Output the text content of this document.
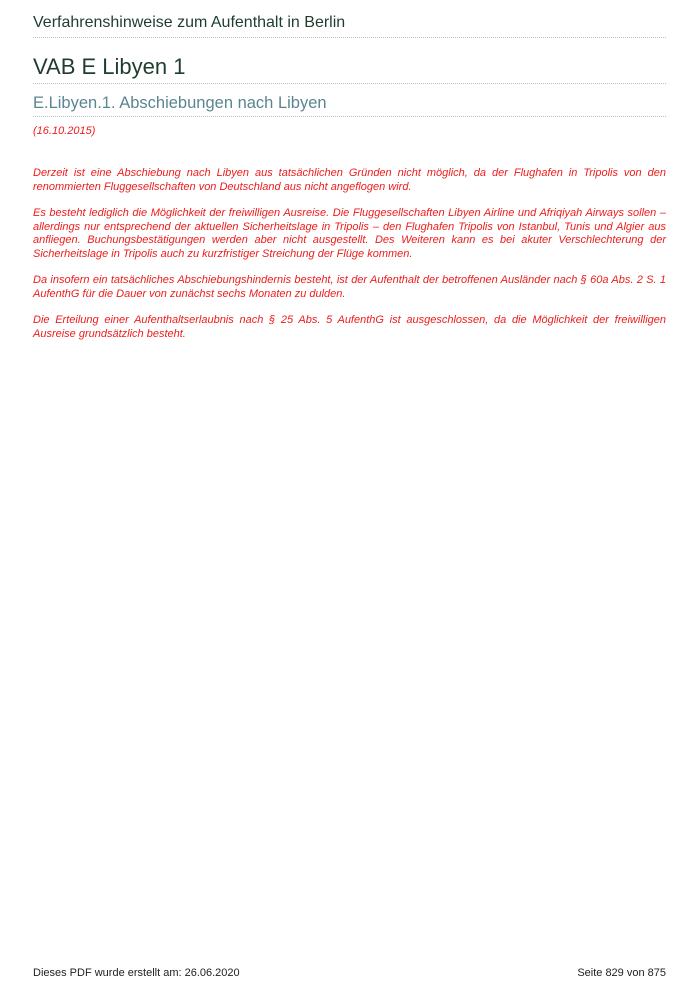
Verfahrenshinweise zum Aufenthalt in Berlin
VAB E Libyen 1
E.Libyen.1. Abschiebungen nach Libyen
(16.10.2015)

Derzeit ist eine Abschiebung nach Libyen aus tatsächlichen Gründen nicht möglich, da der Flughafen in Tripolis von den renommierten Fluggesellschaften von Deutschland aus nicht angeflogen wird.

Es besteht lediglich die Möglichkeit der freiwilligen Ausreise. Die Fluggesellschaften Libyen Airline und Afriqiyah Airways sollen – allerdings nur entsprechend der aktuellen Sicherheitslage in Tripolis – den Flughafen Tripolis von Istanbul, Tunis und Algier aus anfliegen. Buchungsbestätigungen werden aber nicht ausgestellt. Des Weiteren kann es bei akuter Verschlechterung der Sicherheitslage in Tripolis auch zu kurzfristiger Streichung der Flüge kommen.

Da insofern ein tatsächliches Abschiebungshindernis besteht, ist der Aufenthalt der betroffenen Ausländer nach § 60a Abs. 2 S. 1 AufenthG für die Dauer von zunächst sechs Monaten zu dulden.

Die Erteilung einer Aufenthaltserlaubnis nach § 25 Abs. 5 AufenthG ist ausgeschlossen, da die Möglichkeit der freiwilligen Ausreise grundsätzlich besteht.

Dieses PDF wurde erstellt am: 26.06.2020	Seite 829 von 875
